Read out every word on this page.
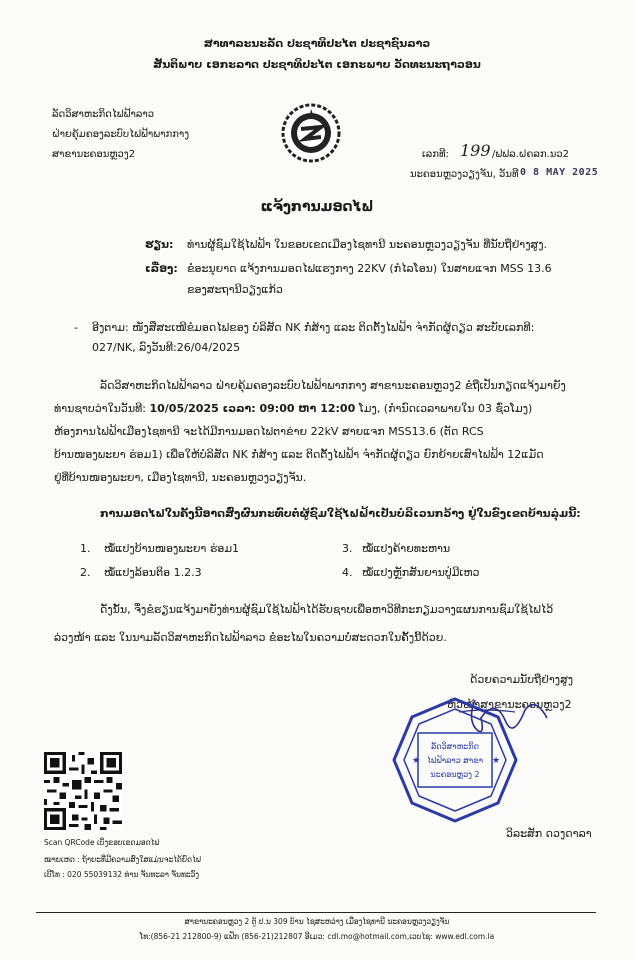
ສາທາລະນະລັດ ປະຊາທິປະໄຕ ປະຊາຊົນລາວ
ສັນຕິພາບ ເອກະລາດ ປະຊາທິປະໄຕ ເອກະພາບ ວັດທະນະຖາວອນ
ລັດວິສາຫະກິດໄຟຟ້າລາວ
ຝ່າຍຄຸ້ມຄອງລະບົບໄຟຟ້າພາກກາງ
ສາຂານະຄອນຫຼວງ2	ເລກທີ: 199 /ຟຟລ.ຝຄລກ.ນວ2
ນະຄອນຫຼວງວຽງຈັນ, ວັນທີ 0 8 MAY 2025
ແຈ້ງການມອດໄຟ
ຮຽນ: ທ່ານຜູ້ຊົມໃຊ້ໄຟຟ້າ ໃນຂອບເຂດເມືອງໄຊທານີ ນະຄອນຫຼວງວຽງຈັນ ທີ່ນັບຖືຢ່າງສູງ.
ເລື່ອງ: ຂໍອະນຸຍາດ ແຈ້ງການມອດໄຟແຮງກາງ 22KV (ກໍໄລໂອນ) ໃນສາຍແຈກ MSS 13.6
ຂອງສະຖານີວຽງແກ້ວ
- ອີງຕາມ: ໜັງສືສະເໜີຂໍມອດໄຟຂອງ ບໍລິສັດ NK ກໍ່ສ້າງ ແລະ ຕິດຕັ້ງໄຟຟ້າ ຈຳກັດຜູ້ດຽວ ສະບັບເລກທີ:
027/NK, ລົງວັນທີ:26/04/2025
ລັດວິສາຫະກິດໄຟຟ້າລາວ ຝ່າຍຄຸ້ມຄອງລະບົບໄຟຟ້າພາກກາງ ສາຂານະຄອນຫຼວງ2 ຂໍຖືເປັນກຽດແຈ້ງມາຍັງ
ທ່ານຊາບວ່າໃນວັນທີ: 10/05/2025 ເວລາ: 09:00 ຫາ 12:00 ໂມງ, (ກໍານົດເວລາພາຍໃນ 03 ຊົ່ວໂມງ)
ຫ້ອງການໄຟຟ້າເມືອງໄຊທານີ ຈະໄດ້ມີການມອດໄຟຕາຂ່າຍ 22kV ສາຍແຈກ MSS13.6 (ຕັດ RCS
ບ້ານໜອງພະຍາ ຮ່ອມ1) ເພື່ອໃຫ້ບໍລິສັດ NK ກໍ່ສ້າງ ແລະ ຕິດຕັ້ງໄຟຟ້າ ຈຳກັດຜູ້ດຽວ ຍົກຍ້າຍເສົາໄຟຟ້າ 12ແມັດ
ຢູ່ທີ່ບ້ານໜອງພະຍາ, ເມືອງໄຊທານີ, ນະຄອນຫຼວງວຽງຈັນ.
ການມອດໄຟໃນຄັ້ງນີ້ອາດສົ່ງຜົນກະທົບຕໍ່ຜູ້ຊົມໃຊ້ໄຟຟ້າເປັນບໍລິເວນກວ້າງ ຢູ່ໃນຂົງເຂດບ້ານລຸ່ມນີ້:
1. ໝໍ້ແປງບ້ານໜອງພະຍາ ຮ່ອມ1
2. ໝໍ້ແປງລ້ອນຕິອ 1.2.3
3. ໝໍ້ແປງຄ້າຍທະຫານ
4. ໝໍ້ແປງຫຼັກສັນຍານປູ່ມີເຫວ
ດັ່ງນັ້ນ, ຈຶ່ງຂໍຮຽນແຈ້ງມາຍັງທ່ານຜູ້ຊົມໃຊ້ໄຟຟ້າໄດ້ຮັບຊາບເພື່ອຫາວິທີກະກຽມວາງແຜນການຊົມໃຊ້ໄຟໄວ້
ລ່ວງໜ້າ ແລະ ໃນນາມລັດວິສາຫະກິດໄຟຟ້າລາວ ຂໍອະໄພໃນຄວາມບໍ່ສະດວກໃນຄັ້ງນີ້ດ້ວຍ.
ດ້ວຍຄວາມນັບຖືຢ່າງສູງ
ຫົວໜ້າສາຂານະຄອນຫຼວງ2
★	★
ລັດວິສາຫະກິດ
ໄຟຟ້າລາວ ສາຂາ
ນະຄອນຫຼວງ 2
ວິລະສັກ ດວງດາລາ
Scan QRCode ເບິ່ງຂອບເຂດມອດໄຟ
ໝາຍເຫດ : ຖ້າຍະທີ່ມີຄວາມສົງໃສແມ່ນຈະໄດ້ຍົດໄຟ
ເບີໂທ : 020 55039132 ທ່ານ ຈັນທະລາ ຈັນທະວົງ
ສາຂານະຄອນຫຼວງ 2 ຕູ້ ປ.ນ 309 ບ້ານ ໄຊສະຫວ່າງ ເມືອງໄຊທານີ ນະຄອນຫຼວງວຽງຈັນ
ໂທ:(856-21 212800-9) ແຟັກ (856-21)212807 ອີເມວ: cdl.mo@hotmail.com,ເວບໄຊ: www.edl.com.la
